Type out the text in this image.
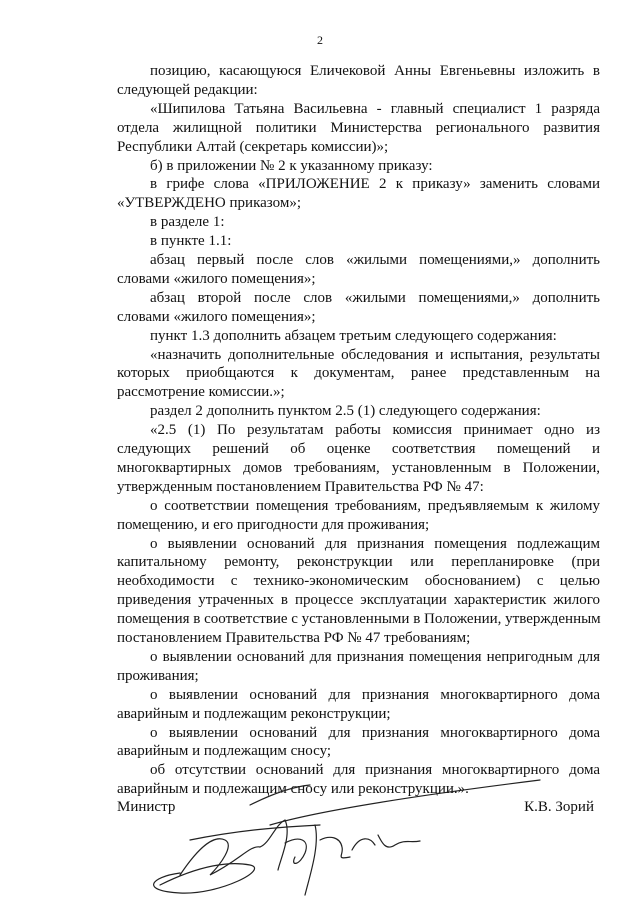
2
позицию, касающуюся Еличековой Анны Евгеньевны изложить в
следующей редакции:
«Шипилова Татьяна Васильевна - главный специалист 1 разряда
отдела жилищной политики Министерства регионального развития
Республики Алтай (секретарь комиссии)»;
б) в приложении № 2 к указанному приказу:
в грифе слова «ПРИЛОЖЕНИЕ 2 к приказу» заменить словами
«УТВЕРЖДЕНО приказом»;
в разделе 1:
в пункте 1.1:
абзац первый после слов «жилыми помещениями,» дополнить
словами «жилого помещения»;
абзац второй после слов «жилыми помещениями,» дополнить
словами «жилого помещения»;
пункт 1.3 дополнить абзацем третьим следующего содержания:
«назначить дополнительные обследования и испытания, результаты
которых приобщаются к документам, ранее представленным на
рассмотрение комиссии.»;
раздел 2 дополнить пунктом 2.5 (1) следующего содержания:
«2.5 (1) По результатам работы комиссия принимает одно из
следующих решений об оценке соответствия помещений и
многоквартирных домов требованиям, установленным в Положении,
утвержденным постановлением Правительства РФ № 47:
о соответствии помещения требованиям, предъявляемым к жилому
помещению, и его пригодности для проживания;
о выявлении оснований для признания помещения подлежащим
капитальному ремонту, реконструкции или перепланировке (при
необходимости с технико-экономическим обоснованием) с целью
приведения утраченных в процессе эксплуатации характеристик жилого
помещения в соответствие с установленными в Положении, утвержденным
постановлением Правительства РФ № 47 требованиям;
о выявлении оснований для признания помещения непригодным для
проживания;
о выявлении оснований для признания многоквартирного дома
аварийным и подлежащим реконструкции;
о выявлении оснований для признания многоквартирного дома
аварийным и подлежащим сносу;
об отсутствии оснований для признания многоквартирного дома
аварийным и подлежащим сносу или реконструкции.».
Министр	К.В. Зорий
